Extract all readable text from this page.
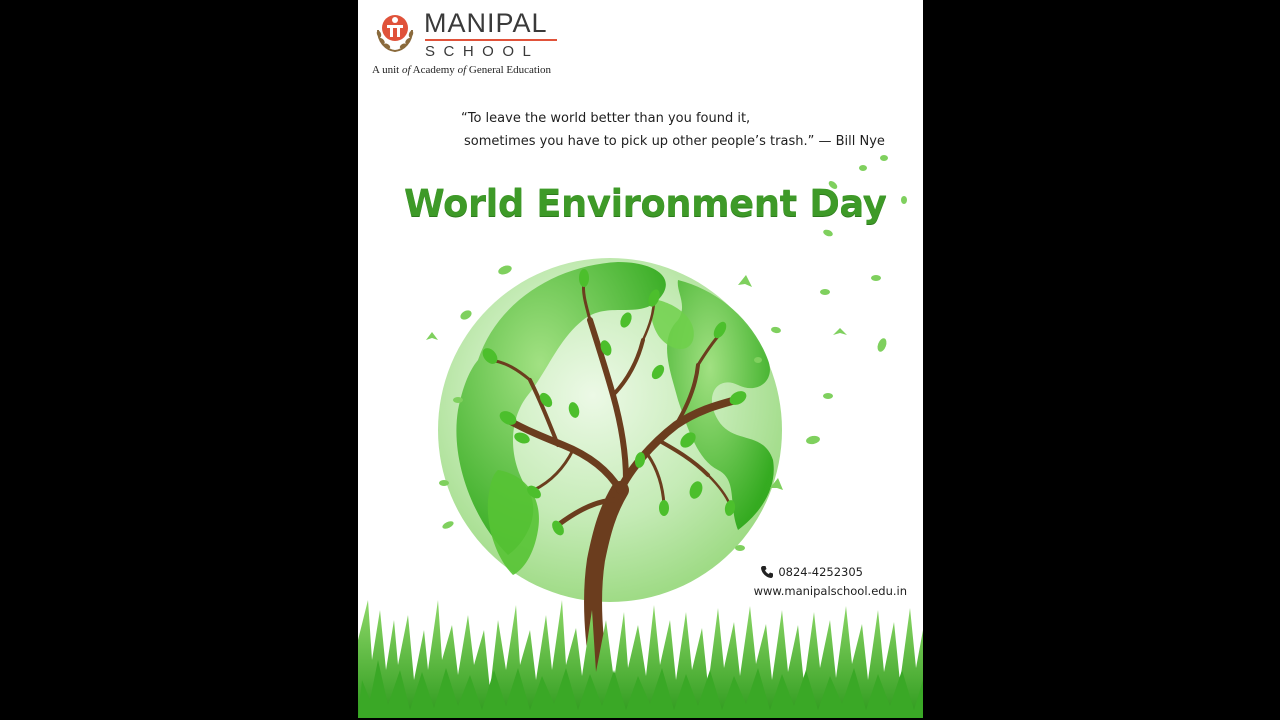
MANIPAL
SCHOOL
A unit of Academy of General Education
“To leave the world better than you found it,
sometimes you have to pick up other people’s trash.” — Bill Nye
World Environment Day
0824-4252305
www.manipalschool.edu.in
